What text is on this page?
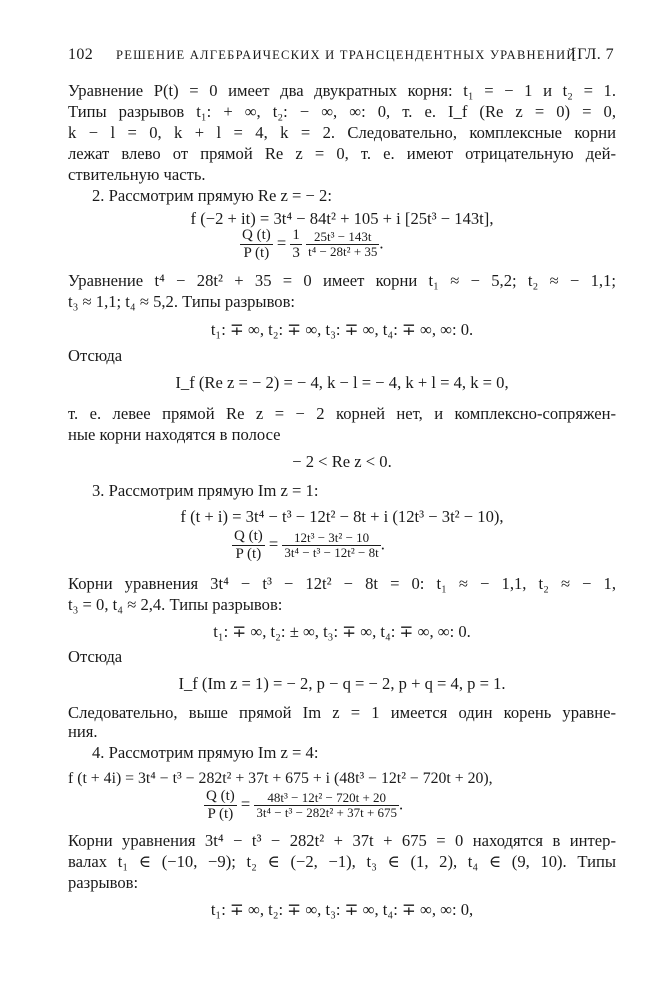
102 РЕШЕНИЕ АЛГЕБРАИЧЕСКИХ И ТРАНСЦЕНДЕНТНЫХ УРАВНЕНИЙ
[ГЛ. 7
Уравнение P(t) = 0 имеет два двукратных корня: t₁ = − 1 и t₂ = 1.
Типы разрывов t₁: + ∞, t₂: − ∞, ∞: 0, т. е. I_f (Re z = 0) = 0,
k − l = 0, k + l = 4, k = 2. Следовательно, комплексные корни
лежат влево от прямой Re z = 0, т. е. имеют отрицательную дей-
ствительную часть.
2. Рассмотрим прямую Re z = − 2:
f (−2 + it) = 3t⁴ − 84t² + 105 + i [25t³ − 143t],
$\frac{Q (t)}{P (t)} = \frac{1}{3}$
$\frac{\text{25t³ − 143t}}{\text{t⁴ − 28t² + 35}}$ .
Уравнение t⁴ − 28t² + 35 = 0 имеет корни t₁ ≈ − 5,2; t₂ ≈ − 1,1;
t₃ ≈ 1,1; t₄ ≈ 5,2. Типы разрывов:
t₁: ∓ ∞, t₂: ∓ ∞, t₃: ∓ ∞, t₄: ∓ ∞, ∞: 0.
Отсюда
I_f (Re z = − 2) = − 4, k − l = − 4, k + l = 4, k = 0,
т. е. левее прямой Re z = − 2 корней нет, и комплексно-сопряжен-
ные корни находятся в полосе
− 2 < Re z < 0.
3. Рассмотрим прямую Im z = 1:
f (t + i) = 3t⁴ − t³ − 12t² − 8t + i (12t³ − 3t² − 10),
$\frac{Q (t)}{P (t)} = \frac{\text{12t³ − 3t² − 10}}{\text{3t⁴ − t³ − 12t² − 8t}}$ .
Корни уравнения 3t⁴ − t³ − 12t² − 8t = 0: t₁ ≈ − 1,1, t₂ ≈ − 1,
t₃ = 0, t₄ ≈ 2,4. Типы разрывов:
t₁: ∓ ∞, t₂: ± ∞, t₃: ∓ ∞, t₄: ∓ ∞, ∞: 0.
Отсюда
I_f (Im z = 1) = − 2, p − q = − 2, p + q = 4, p = 1.
Следовательно, выше прямой Im z = 1 имеется один корень уравне-
ния.
4. Рассмотрим прямую Im z = 4:
f (t + 4i) = 3t⁴ − t³ − 282t² + 37t + 675 + i (48t³ − 12t² − 720t + 20),
$\frac{Q (t)}{P (t)} = \frac{\text{48t³ − 12t² − 720t + 20}}{\text{3t⁴ − t³ − 282t² + 37t + 675}}$ .
Корни уравнения 3t⁴ − t³ − 282t² + 37t + 675 = 0 находятся в интер-
валах t₁ ∈ (−10, −9); t₂ ∈ (−2, −1), t₃ ∈ (1, 2), t₄ ∈ (9, 10). Типы
разрывов:
t₁: ∓ ∞, t₂: ∓ ∞, t₃: ∓ ∞, t₄: ∓ ∞, ∞: 0,
